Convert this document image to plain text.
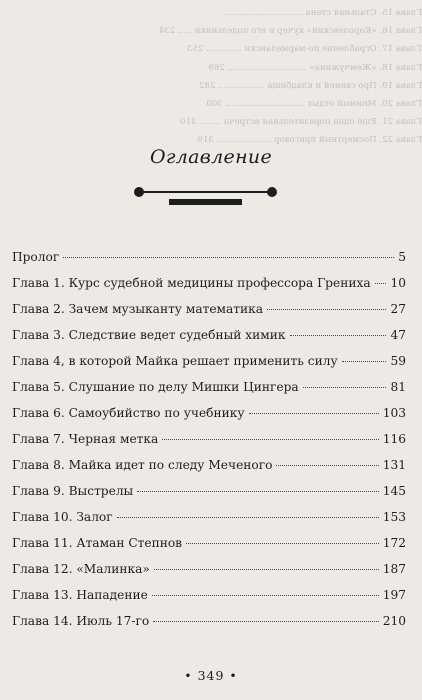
Глава 15. Стальная стена .............................
Глава 16. «Королевский» кучер и его подельники ..... 234
Глава 17. Ограбление по-мармелански ............. 253
Глава 18. «Жемчужина» ............................. 269
Глава 19. Про свиней и кладбища ................. 282
Глава 20. Мнимый отдых ............................. 300
Глава 21. Ещё одна поразительная встреча ........ 310
Глава 22. Посмертный приговор .................... 319
Оглавление
Пролог	5
Глава 1. Курс судебной медицины профессора Грениха 10
Глава 2. Зачем музыканту математика	27
Глава 3. Следствие ведет судебный химик	47
Глава 4, в которой Майка решает применить силу	59
Глава 5. Слушание по делу Мишки Цингера	81
Глава 6. Самоубийство по учебнику	103
Глава 7. Черная метка	116
Глава 8. Майка идет по следу Меченого	131
Глава 9. Выстрелы	145
Глава 10. Залог	153
Глава 11. Атаман Степнов	172
Глава 12. «Малинка»	187
Глава 13. Нападение	197
Глава 14. Июль 17-го	210
• 349 •
